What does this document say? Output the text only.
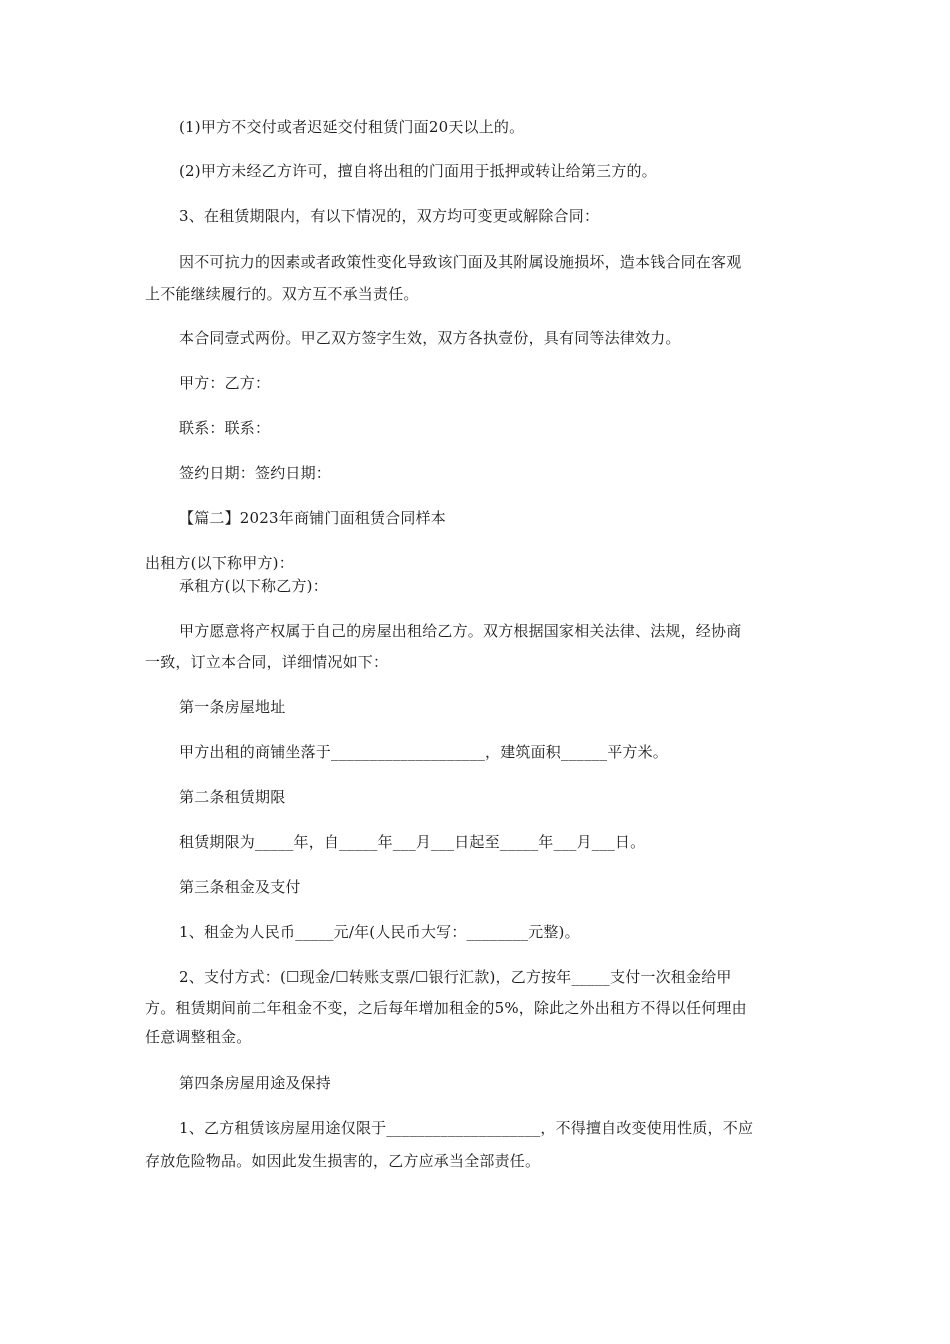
(1)甲方不交付或者迟延交付租赁门面20天以上的。
(2)甲方未经乙方许可，擅自将出租的门面用于抵押或转让给第三方的。
3、在租赁期限内，有以下情况的，双方均可变更或解除合同：
因不可抗力的因素或者政策性变化导致该门面及其附属设施损坏，造本钱合同在客观
上不能继续履行的。双方互不承当责任。
本合同壹式两份。甲乙双方签字生效，双方各执壹份，具有同等法律效力。
甲方：乙方：
联系：联系：
签约日期：签约日期：
【篇二】2023年商铺门面租赁合同样本
出租方(以下称甲方)：
承租方(以下称乙方)：
甲方愿意将产权属于自己的房屋出租给乙方。双方根据国家相关法律、法规，经协商
一致，订立本合同，详细情况如下：
第一条房屋地址
甲方出租的商铺坐落于____________________，建筑面积______平方米。
第二条租赁期限
租赁期限为_____年，自_____年___月___日起至_____年___月___日。
第三条租金及支付
1、租金为人民币_____元/年(人民币大写：________元整)。
2、支付方式：(☐现金/☐转账支票/☐银行汇款)，乙方按年_____支付一次租金给甲
方。租赁期间前二年租金不变，之后每年增加租金的5%，除此之外出租方不得以任何理由
任意调整租金。
第四条房屋用途及保持
1、乙方租赁该房屋用途仅限于____________________，不得擅自改变使用性质，不应
存放危险物品。如因此发生损害的，乙方应承当全部责任。
